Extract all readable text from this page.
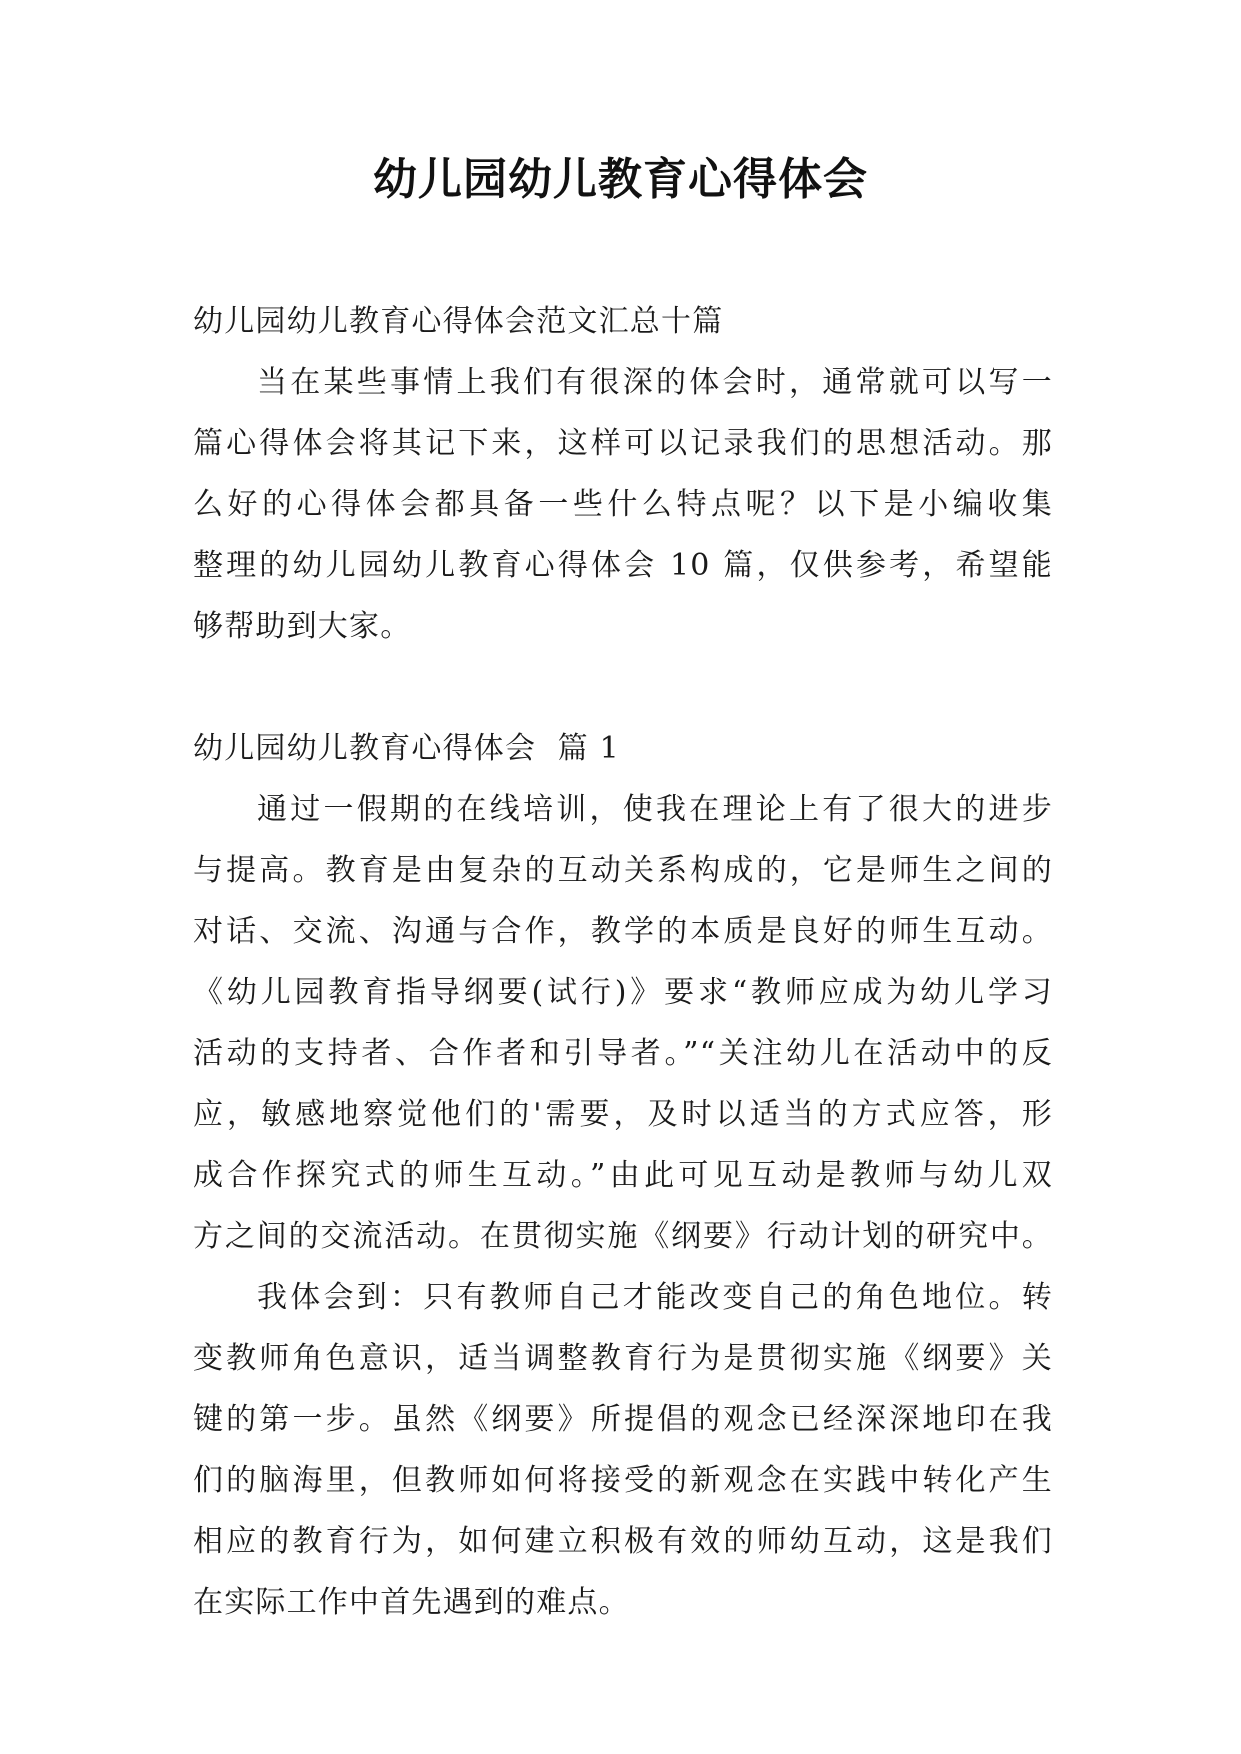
幼儿园幼儿教育心得体会
幼儿园幼儿教育心得体会范文汇总十篇
当在某些事情上我们有很深的体会时，通常就可以写一
篇心得体会将其记下来，这样可以记录我们的思想活动。那
么好的心得体会都具备一些什么特点呢？以下是小编收集
整理的幼儿园幼儿教育心得体会 10 篇，仅供参考，希望能
够帮助到大家。
幼儿园幼儿教育心得体会  篇 1
通过一假期的在线培训，使我在理论上有了很大的进步
与提高。教育是由复杂的互动关系构成的，它是师生之间的
对话、交流、沟通与合作，教学的本质是良好的师生互动。
《幼儿园教育指导纲要(试行)》要求“教师应成为幼儿学习
活动的支持者、合作者和引导者。”“关注幼儿在活动中的反
应，敏感地察觉他们的'需要，及时以适当的方式应答，形
成合作探究式的师生互动。”由此可见互动是教师与幼儿双
方之间的交流活动。在贯彻实施《纲要》行动计划的研究中。
我体会到：只有教师自己才能改变自己的角色地位。转
变教师角色意识，适当调整教育行为是贯彻实施《纲要》关
键的第一步。虽然《纲要》所提倡的观念已经深深地印在我
们的脑海里，但教师如何将接受的新观念在实践中转化产生
相应的教育行为，如何建立积极有效的师幼互动，这是我们
在实际工作中首先遇到的难点。
